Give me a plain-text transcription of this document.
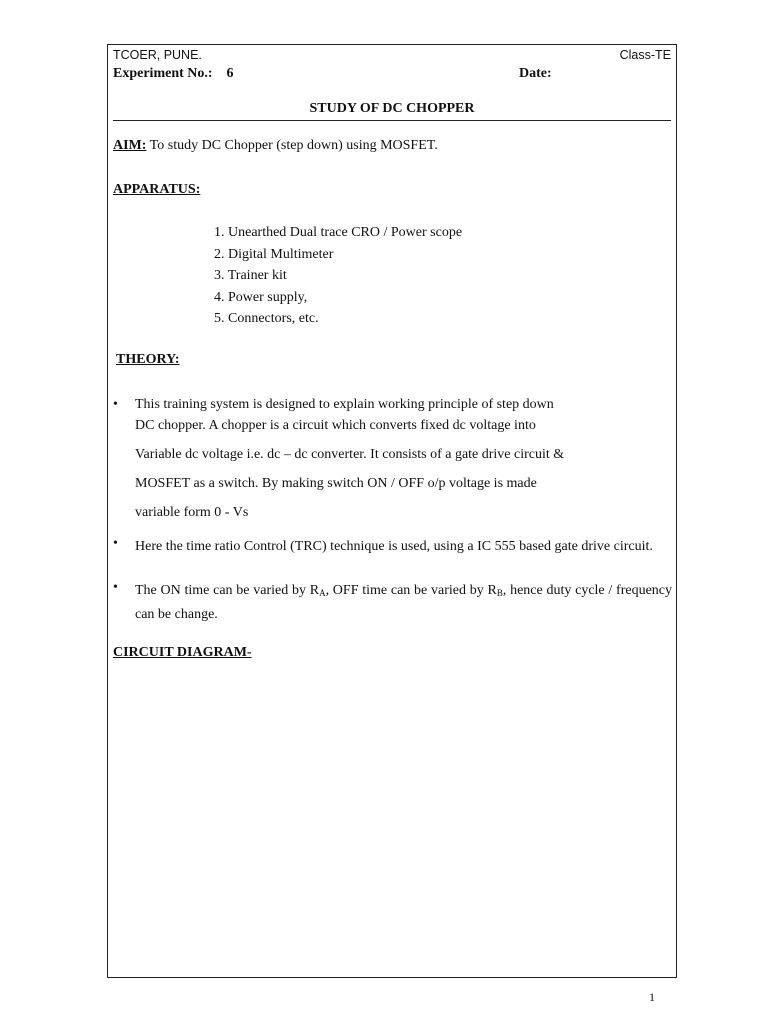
TCOER, PUNE.	Class-TE
Experiment No.: 6	Date:
STUDY OF DC CHOPPER
AIM: To study DC Chopper (step down) using MOSFET.
APPARATUS:
1. Unearthed Dual trace CRO / Power scope
2. Digital Multimeter
3. Trainer kit
4. Power supply,
5. Connectors, etc.
THEORY:
• This training system is designed to explain working principle of step down
DC chopper. A chopper is a circuit which converts fixed dc voltage into
Variable dc voltage i.e. dc – dc converter. It consists of a gate drive circuit &
MOSFET as a switch. By making switch ON / OFF o/p voltage is made
variable form 0 - Vs
• Here the time ratio Control (TRC) technique is used, using a IC 555 based gate drive circuit.
• The ON time can be varied by $R_A$, OFF time can be varied by $R_B$, hence duty cycle / frequency can be change.
CIRCUIT DIAGRAM-
1
